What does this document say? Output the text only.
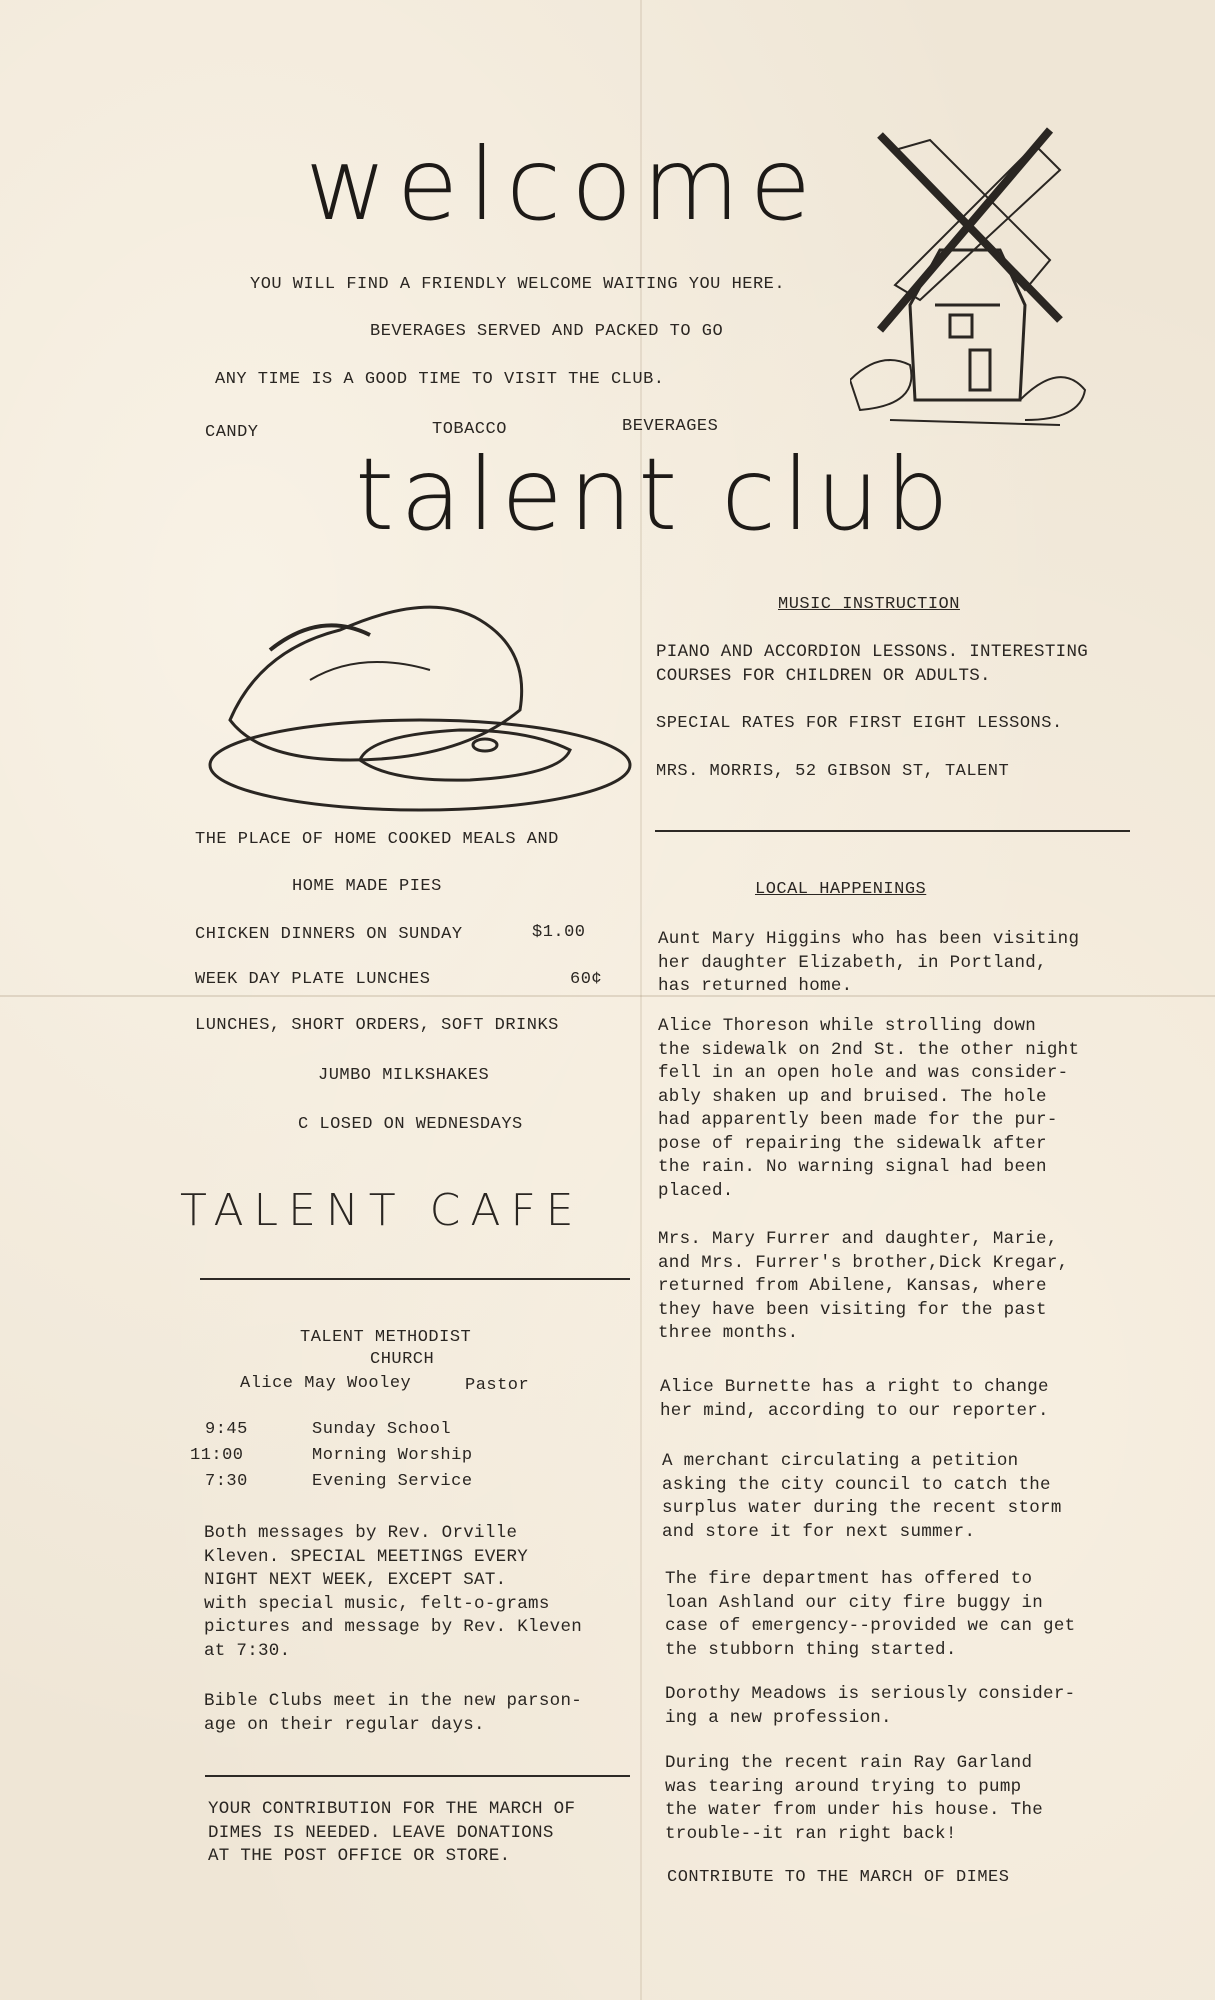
welcome
YOU WILL FIND A FRIENDLY WELCOME WAITING YOU HERE.
BEVERAGES SERVED AND PACKED TO GO
ANY TIME IS A GOOD TIME TO VISIT THE CLUB.
CANDY	TOBACCO	BEVERAGES
talent club
THE PLACE OF HOME COOKED MEALS AND
HOME MADE PIES
CHICKEN DINNERS ON SUNDAY	$1.00
WEEK DAY PLATE LUNCHES	60¢
LUNCHES, SHORT ORDERS, SOFT DRINKS
JUMBO MILKSHAKES
C LOSED ON WEDNESDAYS
TALENT CAFE
TALENT METHODIST
CHURCH
Alice May Wooley	Pastor
9:45	Sunday School
11:00	Morning Worship
7:30	Evening Service
Both messages by Rev. Orville
Kleven. SPECIAL MEETINGS EVERY
NIGHT NEXT WEEK, EXCEPT SAT.
with special music, felt-o-grams
pictures and message by Rev. Kleven
at 7:30.
Bible Clubs meet in the new parson-
age on their regular days.
YOUR CONTRIBUTION FOR THE MARCH OF
DIMES IS NEEDED. LEAVE DONATIONS
AT THE POST OFFICE OR STORE.
MUSIC INSTRUCTION
PIANO AND ACCORDION LESSONS. INTERESTING
COURSES FOR CHILDREN OR ADULTS.
SPECIAL RATES FOR FIRST EIGHT LESSONS.
MRS. MORRIS, 52 GIBSON ST, TALENT
LOCAL HAPPENINGS
Aunt Mary Higgins who has been visiting
her daughter Elizabeth, in Portland,
has returned home.
Alice Thoreson while strolling down
the sidewalk on 2nd St. the other night
fell in an open hole and was consider-
ably shaken up and bruised. The hole
had apparently been made for the pur-
pose of repairing the sidewalk after
the rain. No warning signal had been
placed.
Mrs. Mary Furrer and daughter, Marie,
and Mrs. Furrer's brother,Dick Kregar,
returned from Abilene, Kansas, where
they have been visiting for the past
three months.
Alice Burnette has a right to change
her mind, according to our reporter.
A merchant circulating a petition
asking the city council to catch the
surplus water during the recent storm
and store it for next summer.
The fire department has offered to
loan Ashland our city fire buggy in
case of emergency--provided we can get
the stubborn thing started.
Dorothy Meadows is seriously consider-
ing a new profession.
During the recent rain Ray Garland
was tearing around trying to pump
the water from under his house. The
trouble--it ran right back!
CONTRIBUTE TO THE MARCH OF DIMES
